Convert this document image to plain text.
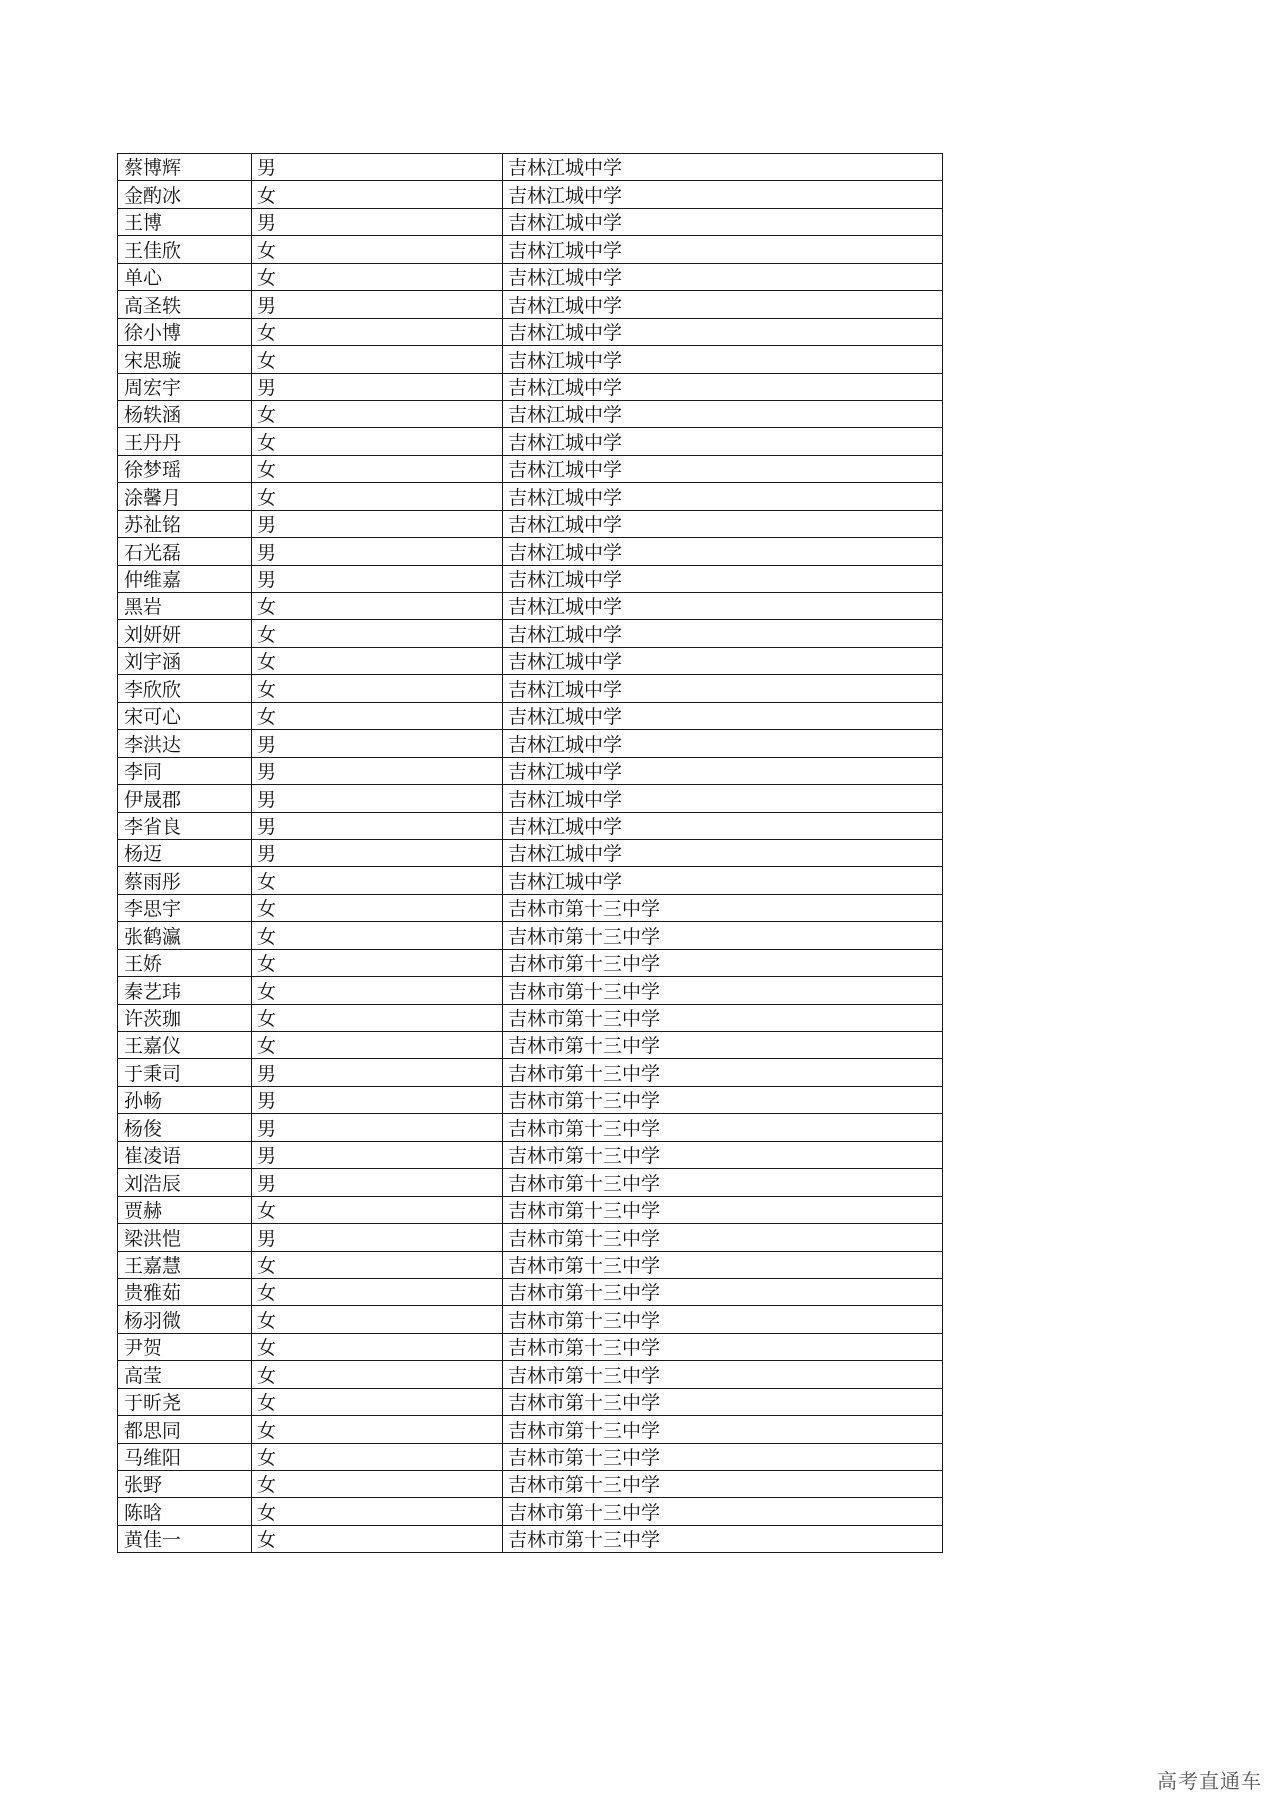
蔡博辉	男	吉林江城中学
金酌冰	女	吉林江城中学
王博	男	吉林江城中学
王佳欣	女	吉林江城中学
单心	女	吉林江城中学
高圣轶	男	吉林江城中学
徐小博	女	吉林江城中学
宋思璇	女	吉林江城中学
周宏宇	男	吉林江城中学
杨轶涵	女	吉林江城中学
王丹丹	女	吉林江城中学
徐梦瑶	女	吉林江城中学
涂馨月	女	吉林江城中学
苏祉铭	男	吉林江城中学
石光磊	男	吉林江城中学
仲维嘉	男	吉林江城中学
黑岩	女	吉林江城中学
刘妍妍	女	吉林江城中学
刘宇涵	女	吉林江城中学
李欣欣	女	吉林江城中学
宋可心	女	吉林江城中学
李洪达	男	吉林江城中学
李同	男	吉林江城中学
伊晟郡	男	吉林江城中学
李省良	男	吉林江城中学
杨迈	男	吉林江城中学
蔡雨彤	女	吉林江城中学
李思宇	女	吉林市第十三中学
张鹤瀛	女	吉林市第十三中学
王娇	女	吉林市第十三中学
秦艺玮	女	吉林市第十三中学
许茨珈	女	吉林市第十三中学
王嘉仪	女	吉林市第十三中学
于秉司	男	吉林市第十三中学
孙畅	男	吉林市第十三中学
杨俊	男	吉林市第十三中学
崔凌语	男	吉林市第十三中学
刘浩辰	男	吉林市第十三中学
贾赫	女	吉林市第十三中学
梁洪恺	男	吉林市第十三中学
王嘉慧	女	吉林市第十三中学
贵雅茹	女	吉林市第十三中学
杨羽微	女	吉林市第十三中学
尹贺	女	吉林市第十三中学
高莹	女	吉林市第十三中学
于昕尧	女	吉林市第十三中学
都思同	女	吉林市第十三中学
马维阳	女	吉林市第十三中学
张野	女	吉林市第十三中学
陈晗	女	吉林市第十三中学
黄佳一	女	吉林市第十三中学
高考直通车
